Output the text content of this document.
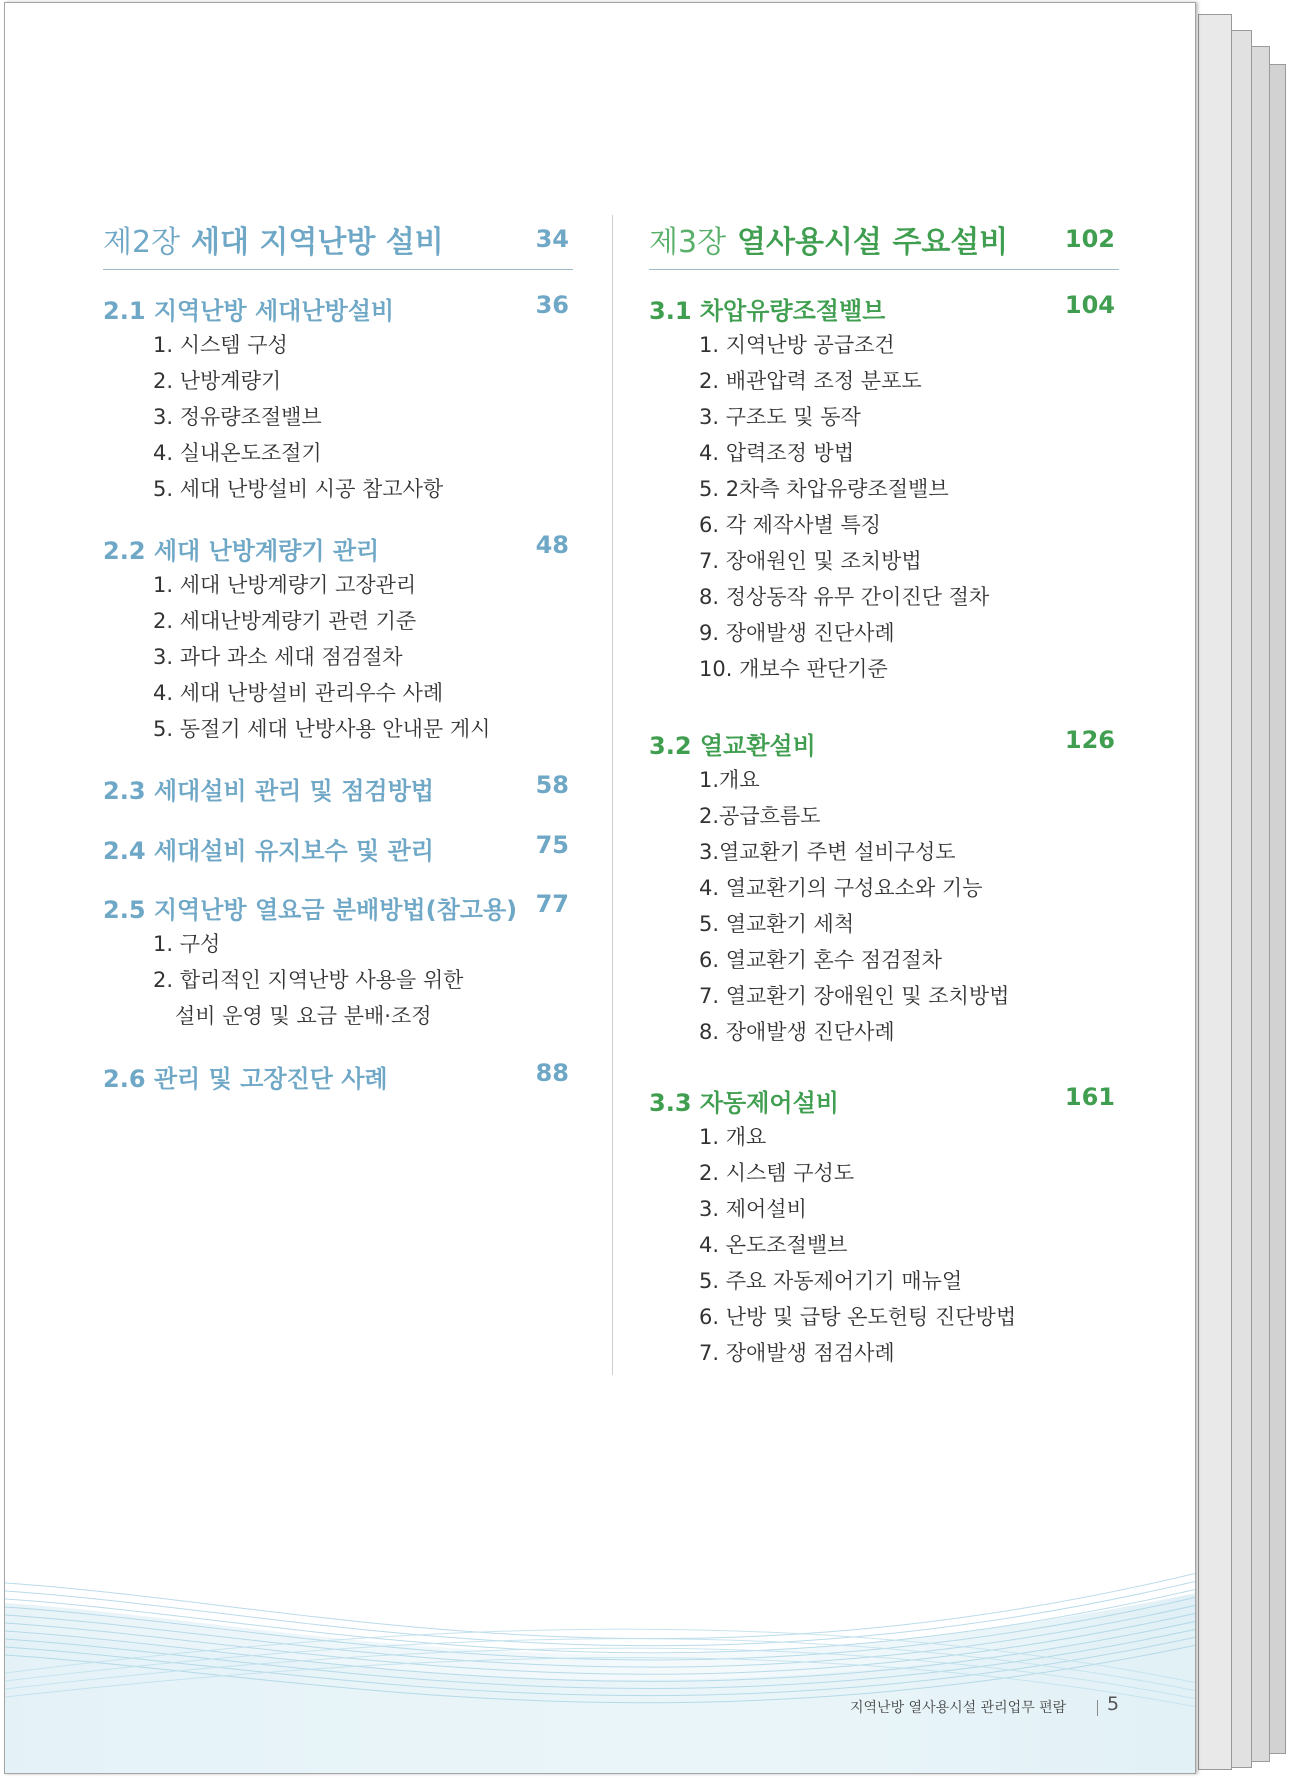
제2장 세대 지역난방 설비	34
2.1 지역난방 세대난방설비	36
1. 시스템 구성
2. 난방계량기
3. 정유량조절밸브
4. 실내온도조절기
5. 세대 난방설비 시공 참고사항
2.2 세대 난방계량기 관리	48
1. 세대 난방계량기 고장관리
2. 세대난방계량기 관련 기준
3. 과다 과소 세대 점검절차
4. 세대 난방설비 관리우수 사례
5. 동절기 세대 난방사용 안내문 게시
2.3 세대설비 관리 및 점검방법	58
2.4 세대설비 유지보수 및 관리	75
2.5 지역난방 열요금 분배방법(참고용) 77
1. 구성
2. 합리적인 지역난방 사용을 위한
설비 운영 및 요금 분배·조정
2.6 관리 및 고장진단 사례	88
제3장 열사용시설 주요설비 102
3.1 차압유량조절밸브	104
1. 지역난방 공급조건
2. 배관압력 조정 분포도
3. 구조도 및 동작
4. 압력조정 방법
5. 2차측 차압유량조절밸브
6. 각 제작사별 특징
7. 장애원인 및 조치방법
8. 정상동작 유무 간이진단 절차
9. 장애발생 진단사례
10. 개보수 판단기준
3.2 열교환설비	126
1.개요
2.공급흐름도
3.열교환기 주변 설비구성도
4. 열교환기의 구성요소와 기능
5. 열교환기 세척
6. 열교환기 혼수 점검절차
7. 열교환기 장애원인 및 조치방법
8. 장애발생 진단사례
3.3 자동제어설비	161
1. 개요
2. 시스템 구성도
3. 제어설비
4. 온도조절밸브
5. 주요 자동제어기기 매뉴얼
6. 난방 및 급탕 온도헌팅 진단방법
7. 장애발생 점검사례
지역난방 열사용시설 관리업무 편람 5
